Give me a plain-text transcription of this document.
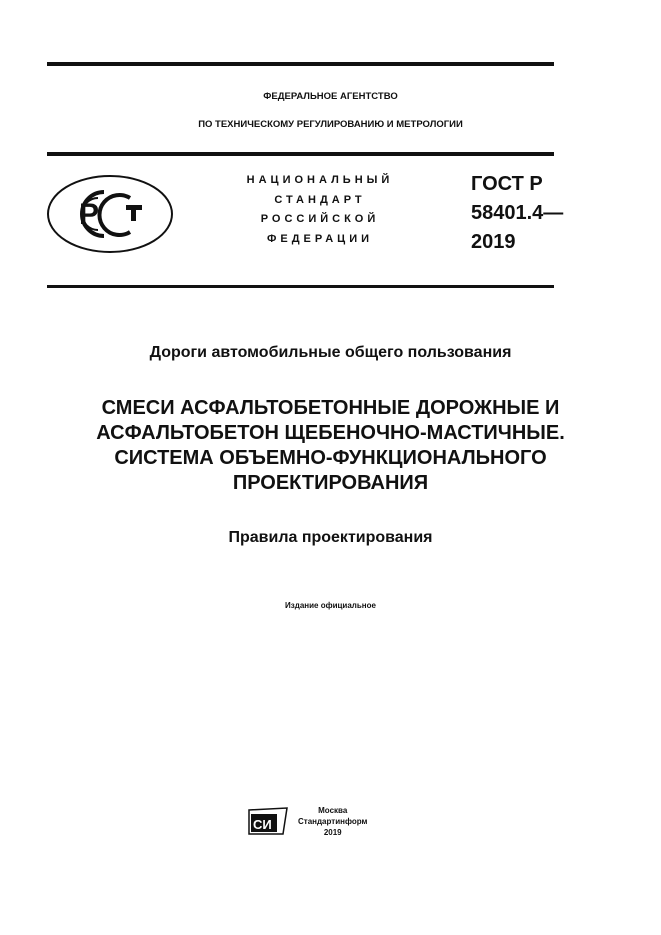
ФЕДЕРАЛЬНОЕ АГЕНТСТВО
ПО ТЕХНИЧЕСКОМУ РЕГУЛИРОВАНИЮ И МЕТРОЛОГИИ
P
НАЦИОНАЛЬНЫЙ
СТАНДАРТ
РОССИЙСКОЙ
ФЕДЕРАЦИИ
ГОСТ Р
58401.4—
2019
Дороги автомобильные общего пользования
СМЕСИ АСФАЛЬТОБЕТОННЫЕ ДОРОЖНЫЕ И
АСФАЛЬТОБЕТОН ЩЕБЕНОЧНО-МАСТИЧНЫЕ.
СИСТЕМА ОБЪЕМНО-ФУНКЦИОНАЛЬНОГО
ПРОЕКТИРОВАНИЯ
Правила проектирования
Издание официальное
СИ
Москва
Стандартинформ
2019
